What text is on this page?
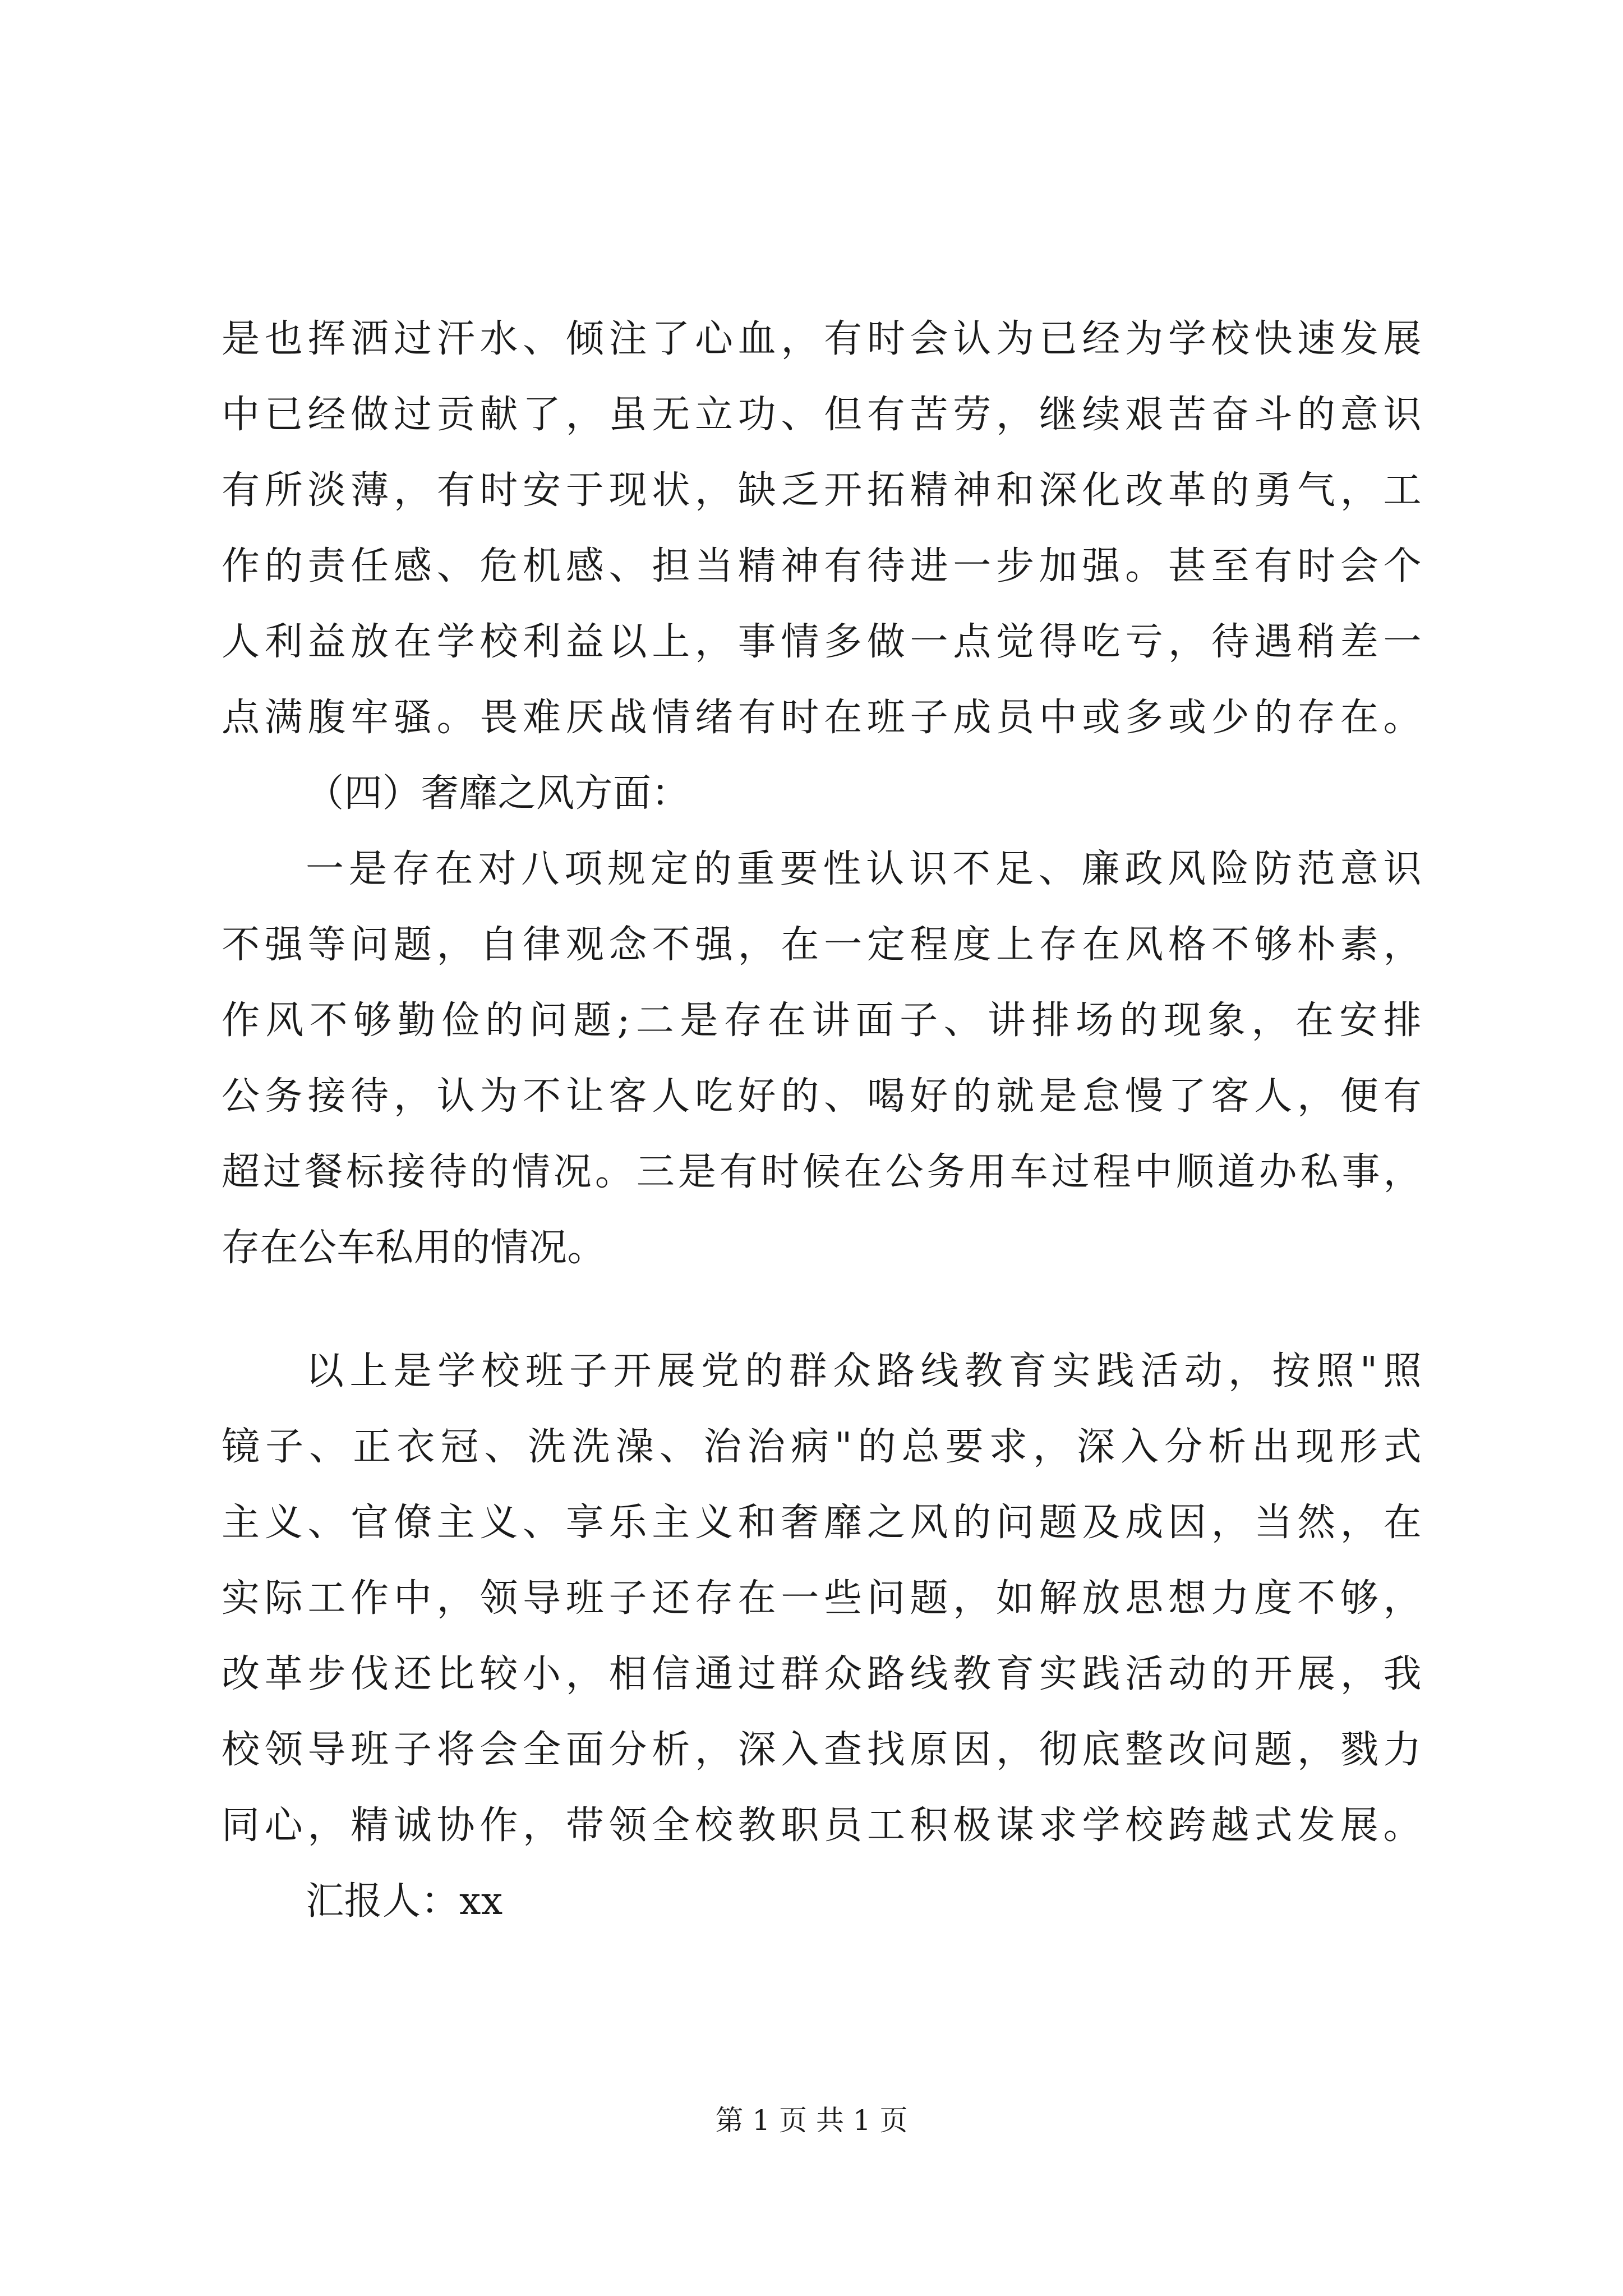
是也挥洒过汗水、倾注了心血，有时会认为已经为学校快速发展
中已经做过贡献了，虽无立功、但有苦劳，继续艰苦奋斗的意识
有所淡薄，有时安于现状，缺乏开拓精神和深化改革的勇气，工
作的责任感、危机感、担当精神有待进一步加强。甚至有时会个
人利益放在学校利益以上，事情多做一点觉得吃亏，待遇稍差一
点满腹牢骚。畏难厌战情绪有时在班子成员中或多或少的存在。
（四）奢靡之风方面：
一是存在对八项规定的重要性认识不足、廉政风险防范意识
不强等问题，自律观念不强，在一定程度上存在风格不够朴素，
作风不够勤俭的问题;二是存在讲面子、讲排场的现象，在安排
公务接待，认为不让客人吃好的、喝好的就是怠慢了客人，便有
超过餐标接待的情况。三是有时候在公务用车过程中顺道办私事，
存在公车私用的情况。
以上是学校班子开展党的群众路线教育实践活动，按照"照
镜子、正衣冠、洗洗澡、治治病"的总要求，深入分析出现形式
主义、官僚主义、享乐主义和奢靡之风的问题及成因，当然，在
实际工作中，领导班子还存在一些问题，如解放思想力度不够，
改革步伐还比较小，相信通过群众路线教育实践活动的开展，我
校领导班子将会全面分析，深入查找原因，彻底整改问题，戮力
同心，精诚协作，带领全校教职员工积极谋求学校跨越式发展。
汇报人：xx
第 1 页 共 1 页
